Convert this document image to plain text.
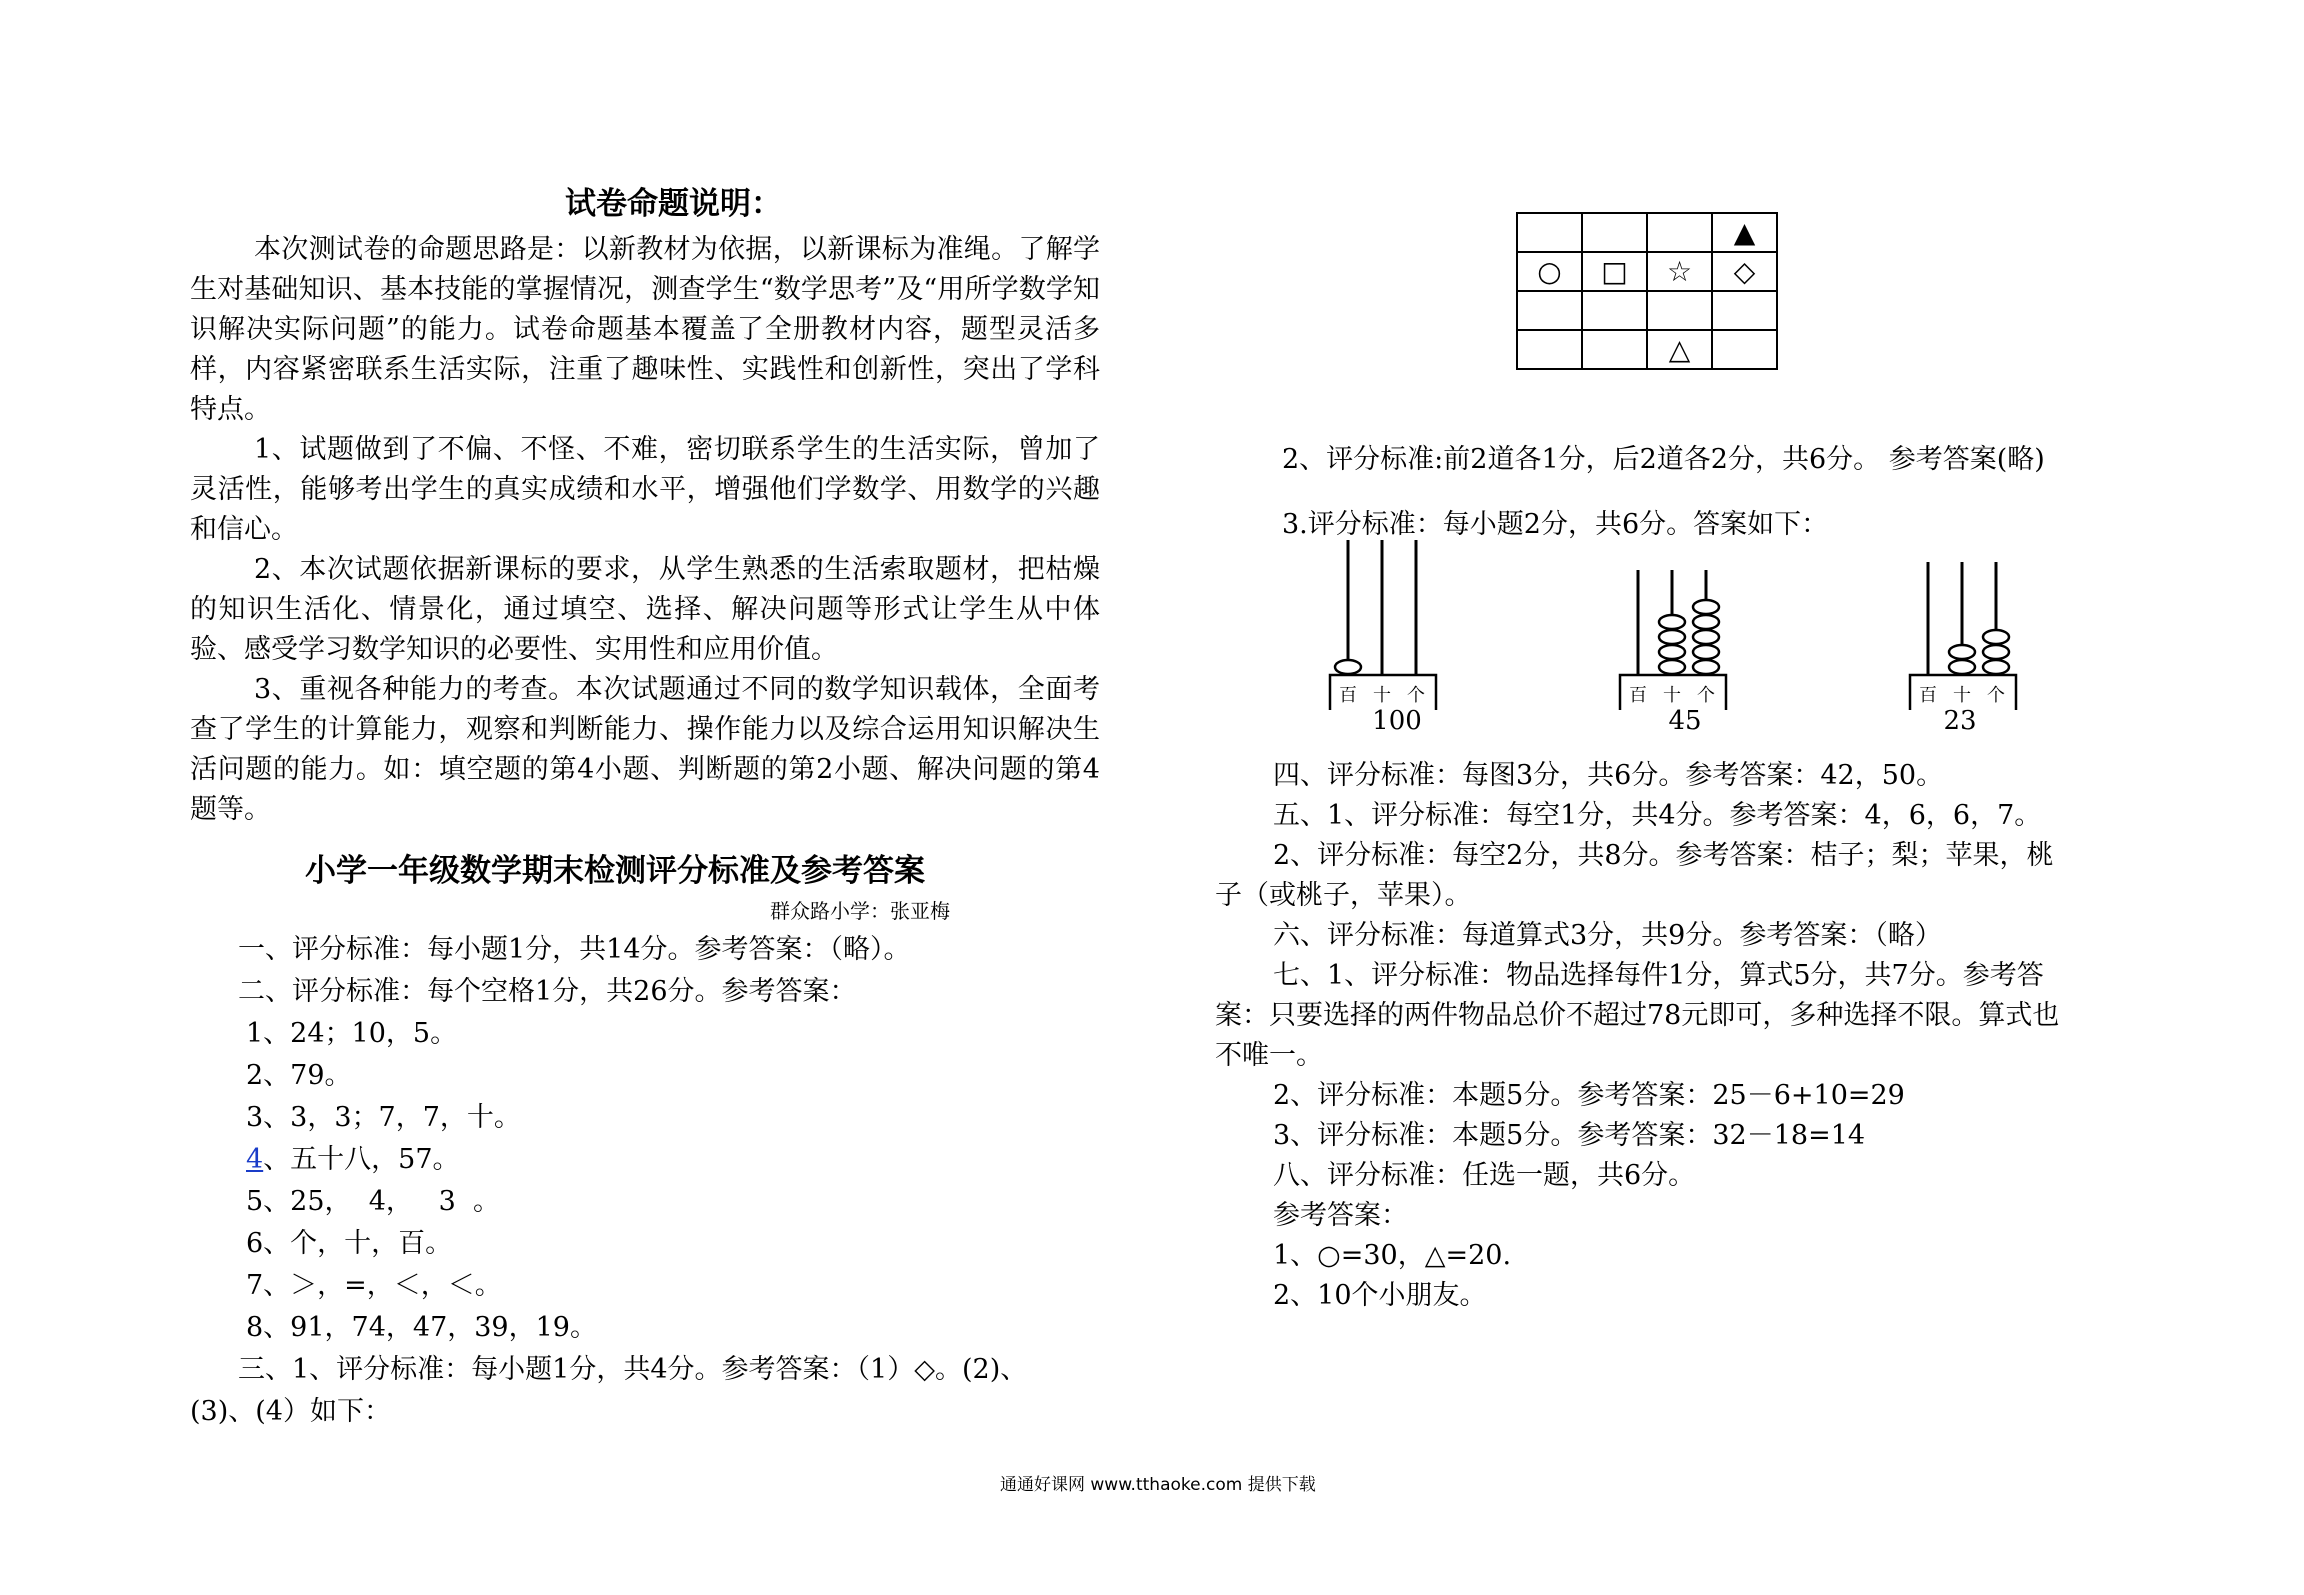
试卷命题说明：
本次测试卷的命题思路是：以新教材为依据，以新课标为准绳。了解学生对基础知识、基本技能的掌握情况，测查学生“数学思考”及“用所学数学知识解决实际问题”的能力。试卷命题基本覆盖了全册教材内容，题型灵活多样，内容紧密联系生活实际，注重了趣味性、实践性和创新性，突出了学科特点。
1、试题做到了不偏、不怪、不难，密切联系学生的生活实际，曾加了灵活性，能够考出学生的真实成绩和水平，增强他们学数学、用数学的兴趣和信心。
2、本次试题依据新课标的要求，从学生熟悉的生活索取题材，把枯燥的知识生活化、情景化，通过填空、选择、解决问题等形式让学生从中体验、感受学习数学知识的必要性、实用性和应用价值。
3、重视各种能力的考查。本次试题通过不同的数学知识载体，全面考查了学生的计算能力，观察和判断能力、操作能力以及综合运用知识解决生活问题的能力。如：填空题的第4小题、判断题的第2小题、解决问题的第4题等。
小学一年级数学期末检测评分标准及参考答案
群众路小学：张亚梅
一、评分标准：每小题1分，共14分。参考答案：（略）。
二、评分标准：每个空格1分，共26分。参考答案：
1、24；10，5。
2、79。
3、3，3；7，7，十。
4、五十八，57。
5、25，  4，   3  。
6、个，十，百。
7、＞，=，＜，＜。
8、91，74，47，39，19。
三、1、评分标准：每小题1分，共4分。参考答案：（1）◇。(2)、
(3)、(4）如下：
			▲
○	□	☆	◇

		△	
2、评分标准:前2道各1分，后2道各2分，共6分。 参考答案(略)
3.评分标准：每小题2分，共6分。答案如下：
百 十 个	百 十 个	百 十 个
100	45	23
四、评分标准：每图3分，共6分。参考答案：42，50。
五、1、评分标准：每空1分，共4分。参考答案：4，6，6，7。
2、评分标准：每空2分，共8分。参考答案：桔子；梨；苹果，桃
子（或桃子，苹果）。
六、评分标准：每道算式3分，共9分。参考答案：（略）
七、1、评分标准：物品选择每件1分，算式5分，共7分。参考答
案：只要选择的两件物品总价不超过78元即可，多种选择不限。算式也
不唯一。
2、评分标准：本题5分。参考答案：25－6+10=29
3、评分标准：本题5分。参考答案：32－18=14
八、评分标准：任选一题，共6分。
参考答案：
1、○=30，△=20.
2、10个小朋友。
通通好课网 www.tthaoke.com 提供下载
